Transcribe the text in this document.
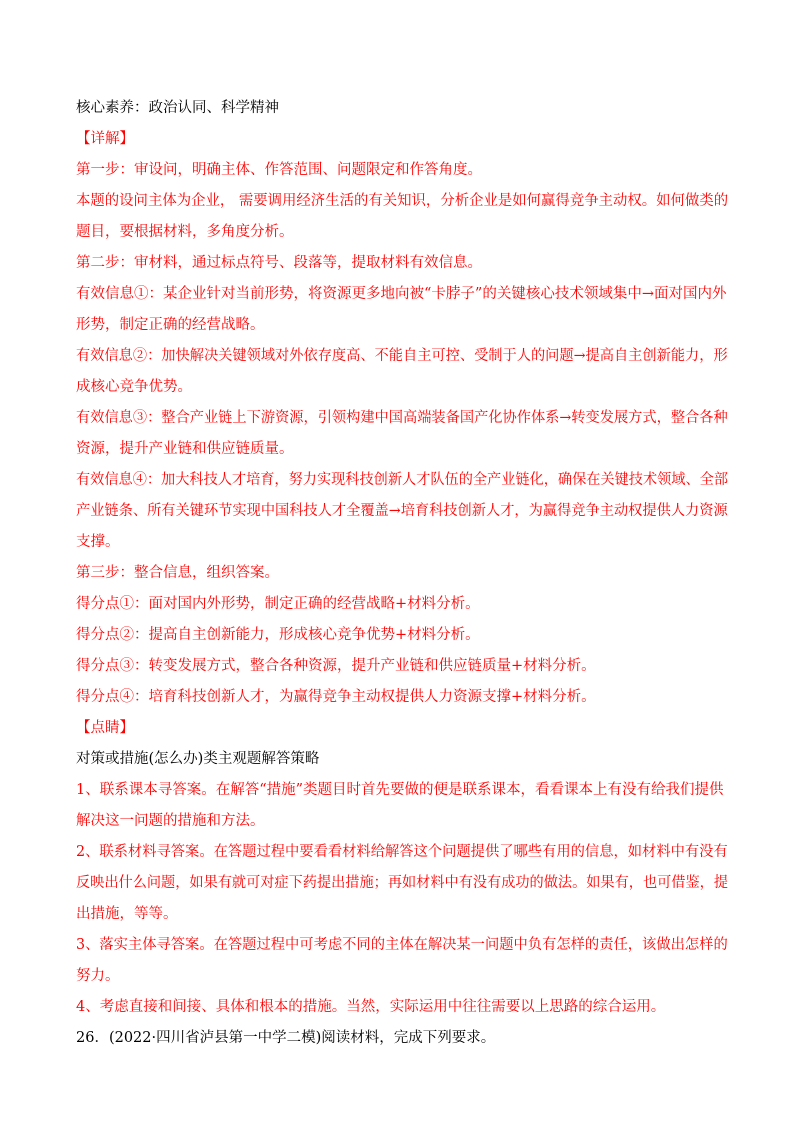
核心素养：政治认同、科学精神
【详解】
第一步：审设问，明确主体、作答范围、问题限定和作答角度。
本题的设问主体为企业， 需要调用经济生活的有关知识，分析企业是如何赢得竞争主动权。如何做类的
题目，要根据材料，多角度分析。
第二步：审材料，通过标点符号、段落等，提取材料有效信息。
有效信息①：某企业针对当前形势，将资源更多地向被“卡脖子”的关键核心技术领域集中→面对国内外
形势，制定正确的经营战略。
有效信息②：加快解决关键领域对外依存度高、不能自主可控、受制于人的问题→提高自主创新能力，形
成核心竞争优势。
有效信息③：整合产业链上下游资源，引领构建中国高端装备国产化协作体系→转变发展方式，整合各种
资源，提升产业链和供应链质量。
有效信息④：加大科技人才培育，努力实现科技创新人才队伍的全产业链化，确保在关键技术领域、全部
产业链条、所有关键环节实现中国科技人才全覆盖→培育科技创新人才，为赢得竞争主动权提供人力资源
支撑。
第三步：整合信息，组织答案。
得分点①：面对国内外形势，制定正确的经营战略+材料分析。
得分点②：提高自主创新能力，形成核心竞争优势+材料分析。
得分点③：转变发展方式，整合各种资源，提升产业链和供应链质量+材料分析。
得分点④：培育科技创新人才，为赢得竞争主动权提供人力资源支撑+材料分析。
【点睛】
对策或措施(怎么办)类主观题解答策略
1、联系课本寻答案。在解答“措施”类题目时首先要做的便是联系课本，看看课本上有没有给我们提供
解决这一问题的措施和方法。
2、联系材料寻答案。在答题过程中要看看材料给解答这个问题提供了哪些有用的信息，如材料中有没有
反映出什么问题，如果有就可对症下药提出措施；再如材料中有没有成功的做法。如果有，也可借鉴，提
出措施，等等。
3、落实主体寻答案。在答题过程中可考虑不同的主体在解决某一问题中负有怎样的责任，该做出怎样的
努力。
4、考虑直接和间接、具体和根本的措施。当然，实际运用中往往需要以上思路的综合运用。
26．(2022·四川省泸县第一中学二模)阅读材料，完成下列要求。
